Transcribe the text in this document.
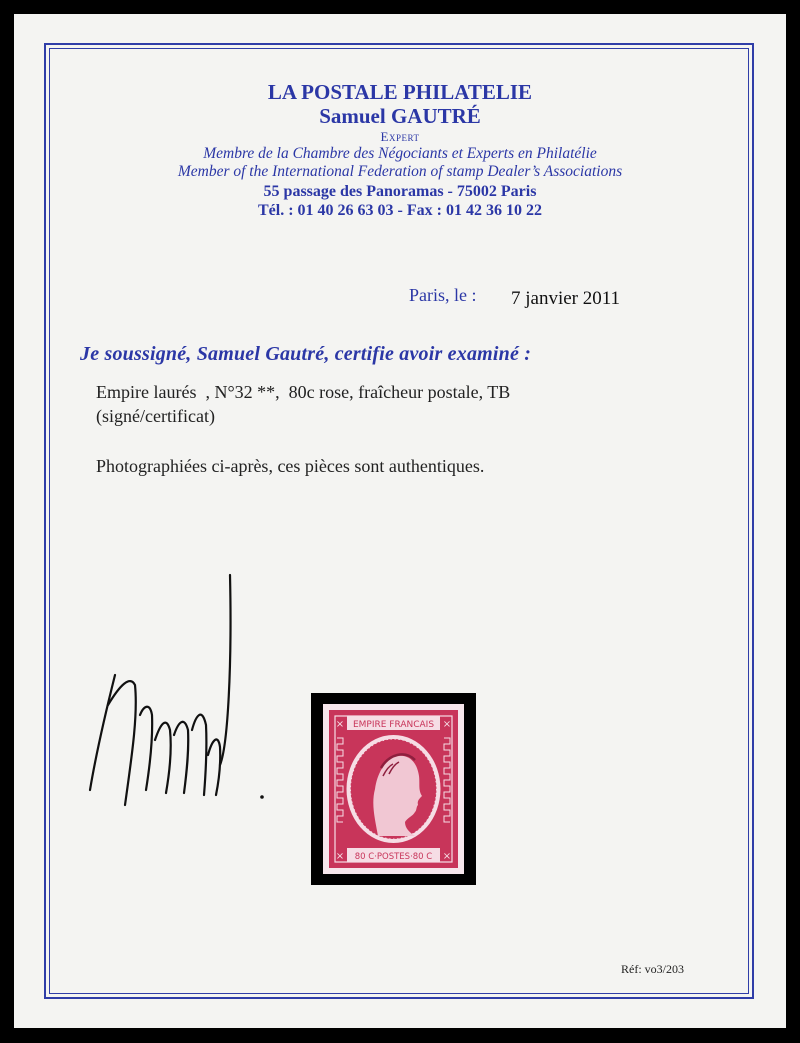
LA POSTALE PHILATELIE
Samuel GAUTRÉ
Expert
Membre de la Chambre des Négociants et Experts en Philatélie
Member of the International Federation of stamp Dealer’s Associations
55 passage des Panoramas - 75002 Paris
Tél. : 01 40 26 63 03 - Fax : 01 42 36 10 22
Paris, le : 7 janvier 2011
Je soussigné, Samuel Gautré, certifie avoir examiné :
Empire laurés  , N°32 **,  80c rose, fraîcheur postale, TB
(signé/certificat)
Photographiées ci-après, ces pièces sont authentiques.
EMPIRE FRANCAIS
80 C·POSTES·80 C
×	×
×	×
Réf: vo3/203
